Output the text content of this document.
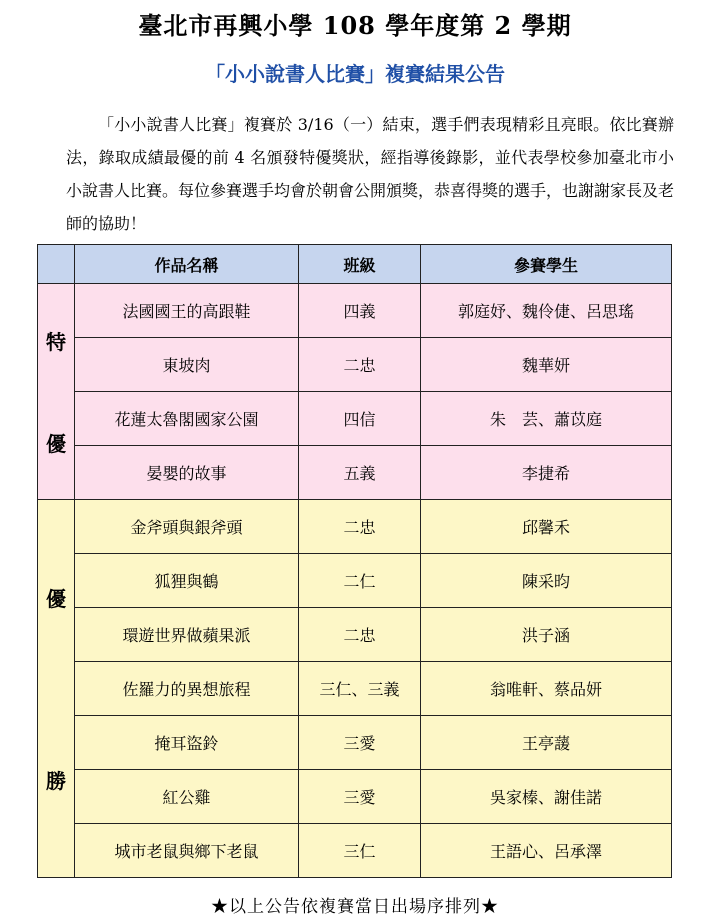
臺北市再興小學 108 學年度第 2 學期
「小小說書人比賽」複賽結果公告

「小小說書人比賽」複賽於 3/16（一）結束，選手們表現精彩且亮眼。依比賽辦法，錄取成績最優的前 4 名頒發特優獎狀，經指導後錄影，並代表學校參加臺北市小小說書人比賽。每位參賽選手均會於朝會公開頒獎，恭喜得獎的選手，也謝謝家長及老師的協助！

	作品名稱	班級	參賽學生

特
優	法國國王的高跟鞋	四義	郭庭妤、魏伶倢、呂思瑤
	東坡肉	二忠	魏華妍
	花蓮太魯閣國家公園	四信	朱　芸、蕭苡庭
	晏嬰的故事	五義	李捷希

優
勝	金斧頭與銀斧頭	二忠	邱馨禾
	狐狸與鶴	二仁	陳采昀
	環遊世界做蘋果派	二忠	洪子涵
	佐羅力的異想旅程	三仁、三義	翁唯軒、蔡品妍
	掩耳盜鈴	三愛	王亭蘐
	紅公雞	三愛	吳家榛、謝佳諾
	城市老鼠與鄉下老鼠	三仁	王語心、呂承澤
★以上公告依複賽當日出場序排列★
